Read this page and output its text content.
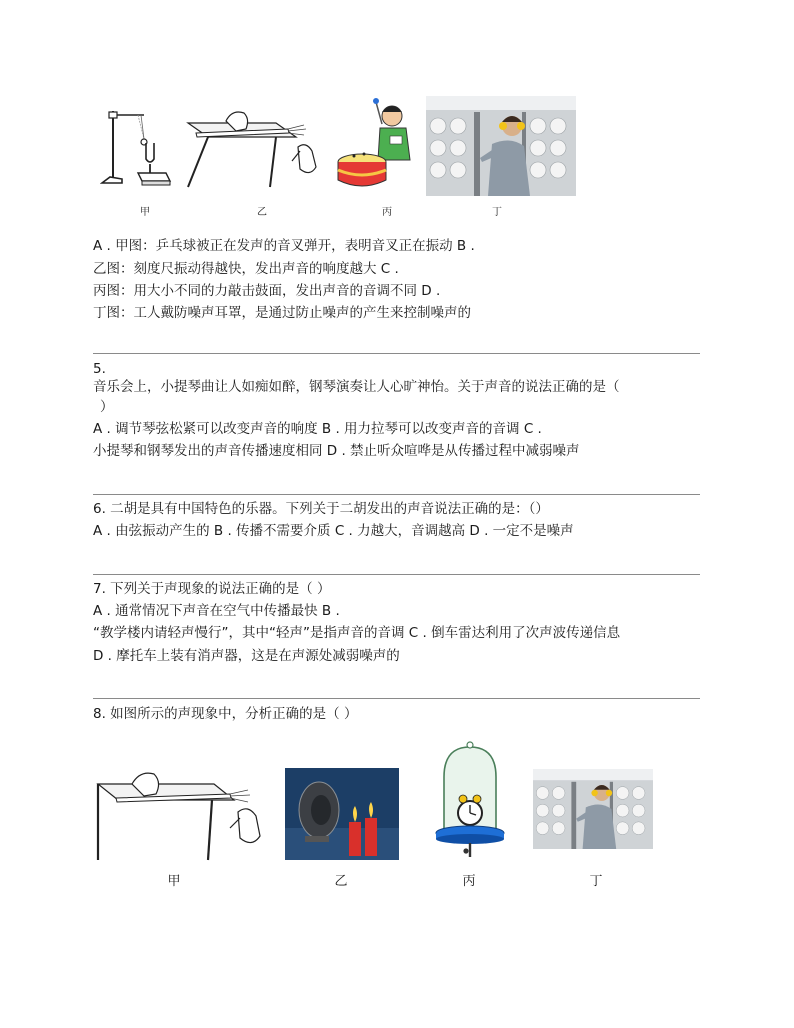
甲	乙	丙	丁
A . 甲图：乒乓球被正在发声的音叉弹开，表明音叉正在振动 B .
乙图：刻度尺振动得越快，发出声音的响度越大 C .
丙图：用大小不同的力敲击鼓面，发出声音的音调不同 D .
丁图：工人戴防噪声耳罩，是通过防止噪声的产生来控制噪声的
5.
音乐会上，小提琴曲让人如痴如醉，钢琴演奏让人心旷神怡。关于声音的说法正确的是（
）
A . 调节琴弦松紧可以改变声音的响度 B . 用力拉琴可以改变声音的音调 C .
小提琴和钢琴发出的声音传播速度相同 D . 禁止听众喧哗是从传播过程中减弱噪声
6. 二胡是具有中国特色的乐器。下列关于二胡发出的声音说法正确的是：（）
A . 由弦振动产生的 B . 传播不需要介质 C . 力越大，音调越高 D . 一定不是噪声
7. 下列关于声现象的说法正确的是（ ）
A . 通常情况下声音在空气中传播最快 B .
“教学楼内请轻声慢行”，其中“轻声”是指声音的音调 C . 倒车雷达利用了次声波传递信息
D . 摩托车上装有消声器，这是在声源处减弱噪声的
8. 如图所示的声现象中，分析正确的是（ ）
甲	乙	丙	丁
